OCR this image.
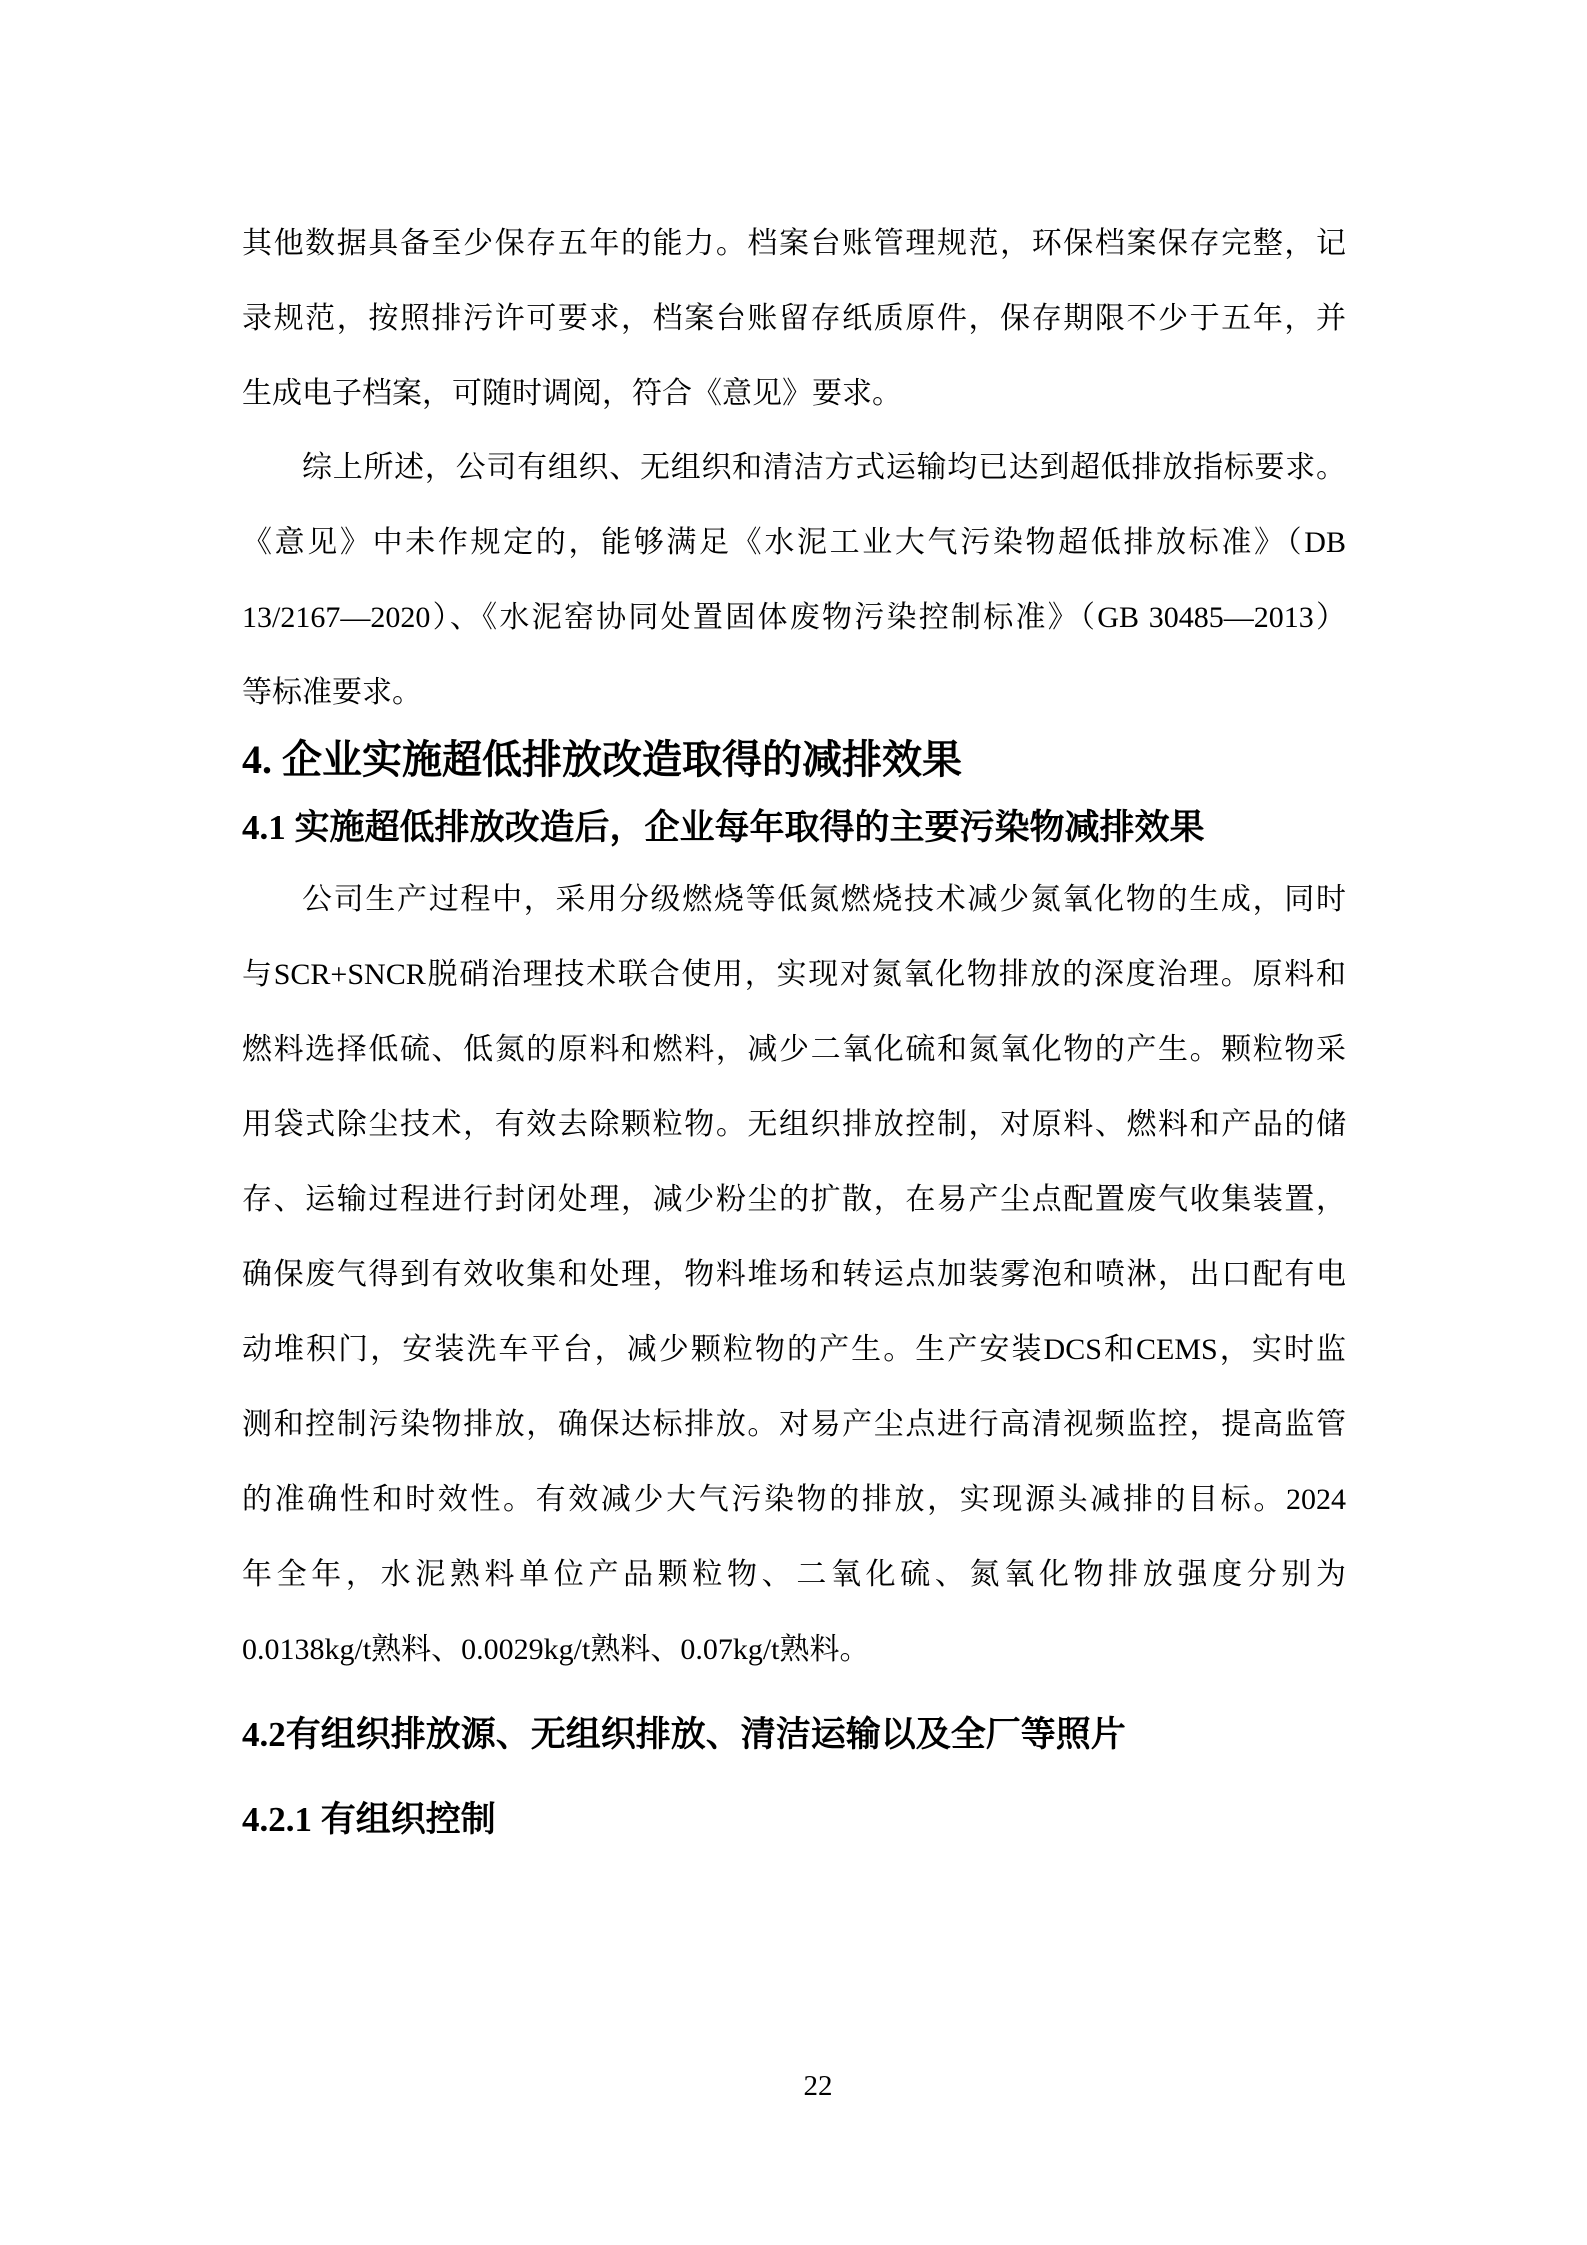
其他数据具备至少保存五年的能力。档案台账管理规范，环保档案保存完整，记
录规范，按照排污许可要求，档案台账留存纸质原件，保存期限不少于五年，并
生成电子档案，可随时调阅，符合《意见》要求。
综上所述，公司有组织、无组织和清洁方式运输均已达到超低排放指标要求。
《意见》中未作规定的，能够满足《水泥工业大气污染物超低排放标准》（DB
13/2167—2020）、《水泥窑协同处置固体废物污染控制标准》（GB 30485—2013）
等标准要求。
4. 企业实施超低排放改造取得的减排效果
4.1 实施超低排放改造后，企业每年取得的主要污染物减排效果
公司生产过程中，采用分级燃烧等低氮燃烧技术减少氮氧化物的生成，同时
与SCR+SNCR脱硝治理技术联合使用，实现对氮氧化物排放的深度治理。原料和
燃料选择低硫、低氮的原料和燃料，减少二氧化硫和氮氧化物的产生。颗粒物采
用袋式除尘技术，有效去除颗粒物。无组织排放控制，对原料、燃料和产品的储
存、运输过程进行封闭处理，减少粉尘的扩散，在易产尘点配置废气收集装置，
确保废气得到有效收集和处理，物料堆场和转运点加装雾泡和喷淋，出口配有电
动堆积门，安装洗车平台，减少颗粒物的产生。生产安装DCS和CEMS，实时监
测和控制污染物排放，确保达标排放。对易产尘点进行高清视频监控，提高监管
的准确性和时效性。有效减少大气污染物的排放，实现源头减排的目标。2024
年全年，水泥熟料单位产品颗粒物、二氧化硫、氮氧化物排放强度分别为
0.0138kg/t熟料、0.0029kg/t熟料、0.07kg/t熟料。
4.2有组织排放源、无组织排放、清洁运输以及全厂等照片
4.2.1 有组织控制
22
